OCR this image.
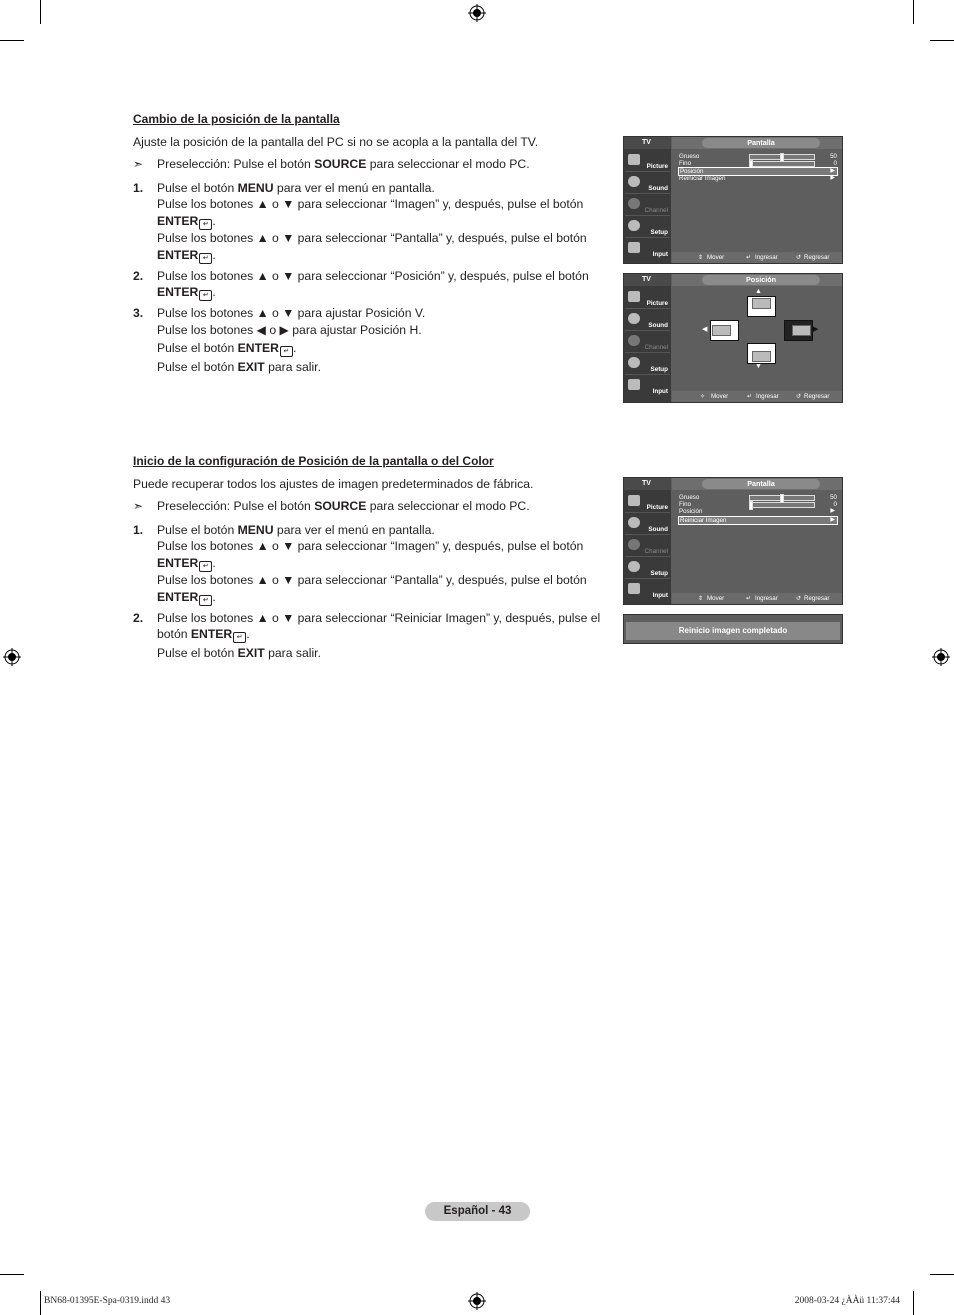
Cambio de la posición de la pantalla
Ajuste la posición de la pantalla del PC si no se acopla a la pantalla del TV.
➣ Preselección: Pulse el botón SOURCE para seleccionar el modo PC.
1. Pulse el botón MENU para ver el menú en pantalla.
Pulse los botones ▲ o ▼ para seleccionar “Imagen” y, después, pulse el botón ENTER ↵ .
Pulse los botones ▲ o ▼ para seleccionar “Pantalla” y, después, pulse el botón ENTER ↵ .
2. Pulse los botones ▲ o ▼ para seleccionar “Posición” y, después, pulse el botón ENTER ↵ .
3. Pulse los botones ▲ o ▼ para ajustar Posición V.
Pulse los botones ◀ o ▶ para ajustar Posición H.
Pulse el botón ENTER ↵ .
Pulse el botón EXIT para salir.
Inicio de la configuración de Posición de la pantalla o del Color
Puede recuperar todos los ajustes de imagen predeterminados de fábrica.
➣ Preselección: Pulse el botón SOURCE para seleccionar el modo PC.
1. Pulse el botón MENU para ver el menú en pantalla.
Pulse los botones ▲ o ▼ para seleccionar “Imagen” y, después, pulse el botón ENTER ↵ .
Pulse los botones ▲ o ▼ para seleccionar “Pantalla” y, después, pulse el botón ENTER ↵ .
2. Pulse los botones ▲ o ▼ para seleccionar “Reiniciar Imagen” y, después, pulse el botón ENTER ↵ .
Pulse el botón EXIT para salir.
TV	Pantalla
Picture
Sound
Channel
Setup
Input
Grueso	50
Fino	0
Posición	▶
Reiniciar Imagen	▶
⇕ Mover	↵ Ingresar	↺ Regresar
TV	Posición
Picture
Sound
Channel
Setup
Input
▲
◀	▶
▼
✧ Mover	↵ Ingresar	↺ Regresar
TV	Pantalla
Picture
Sound
Channel
Setup
Input
Grueso	50
Fino	0
Posición	▶
Reiniciar Imagen	▶
⇕ Mover	↵ Ingresar	↺ Regresar
Reinicio imagen completado
Español - 43
BN68-01395E-Spa-0319.indd 43	2008-03-24 ¿ÀÀü 11:37:44
